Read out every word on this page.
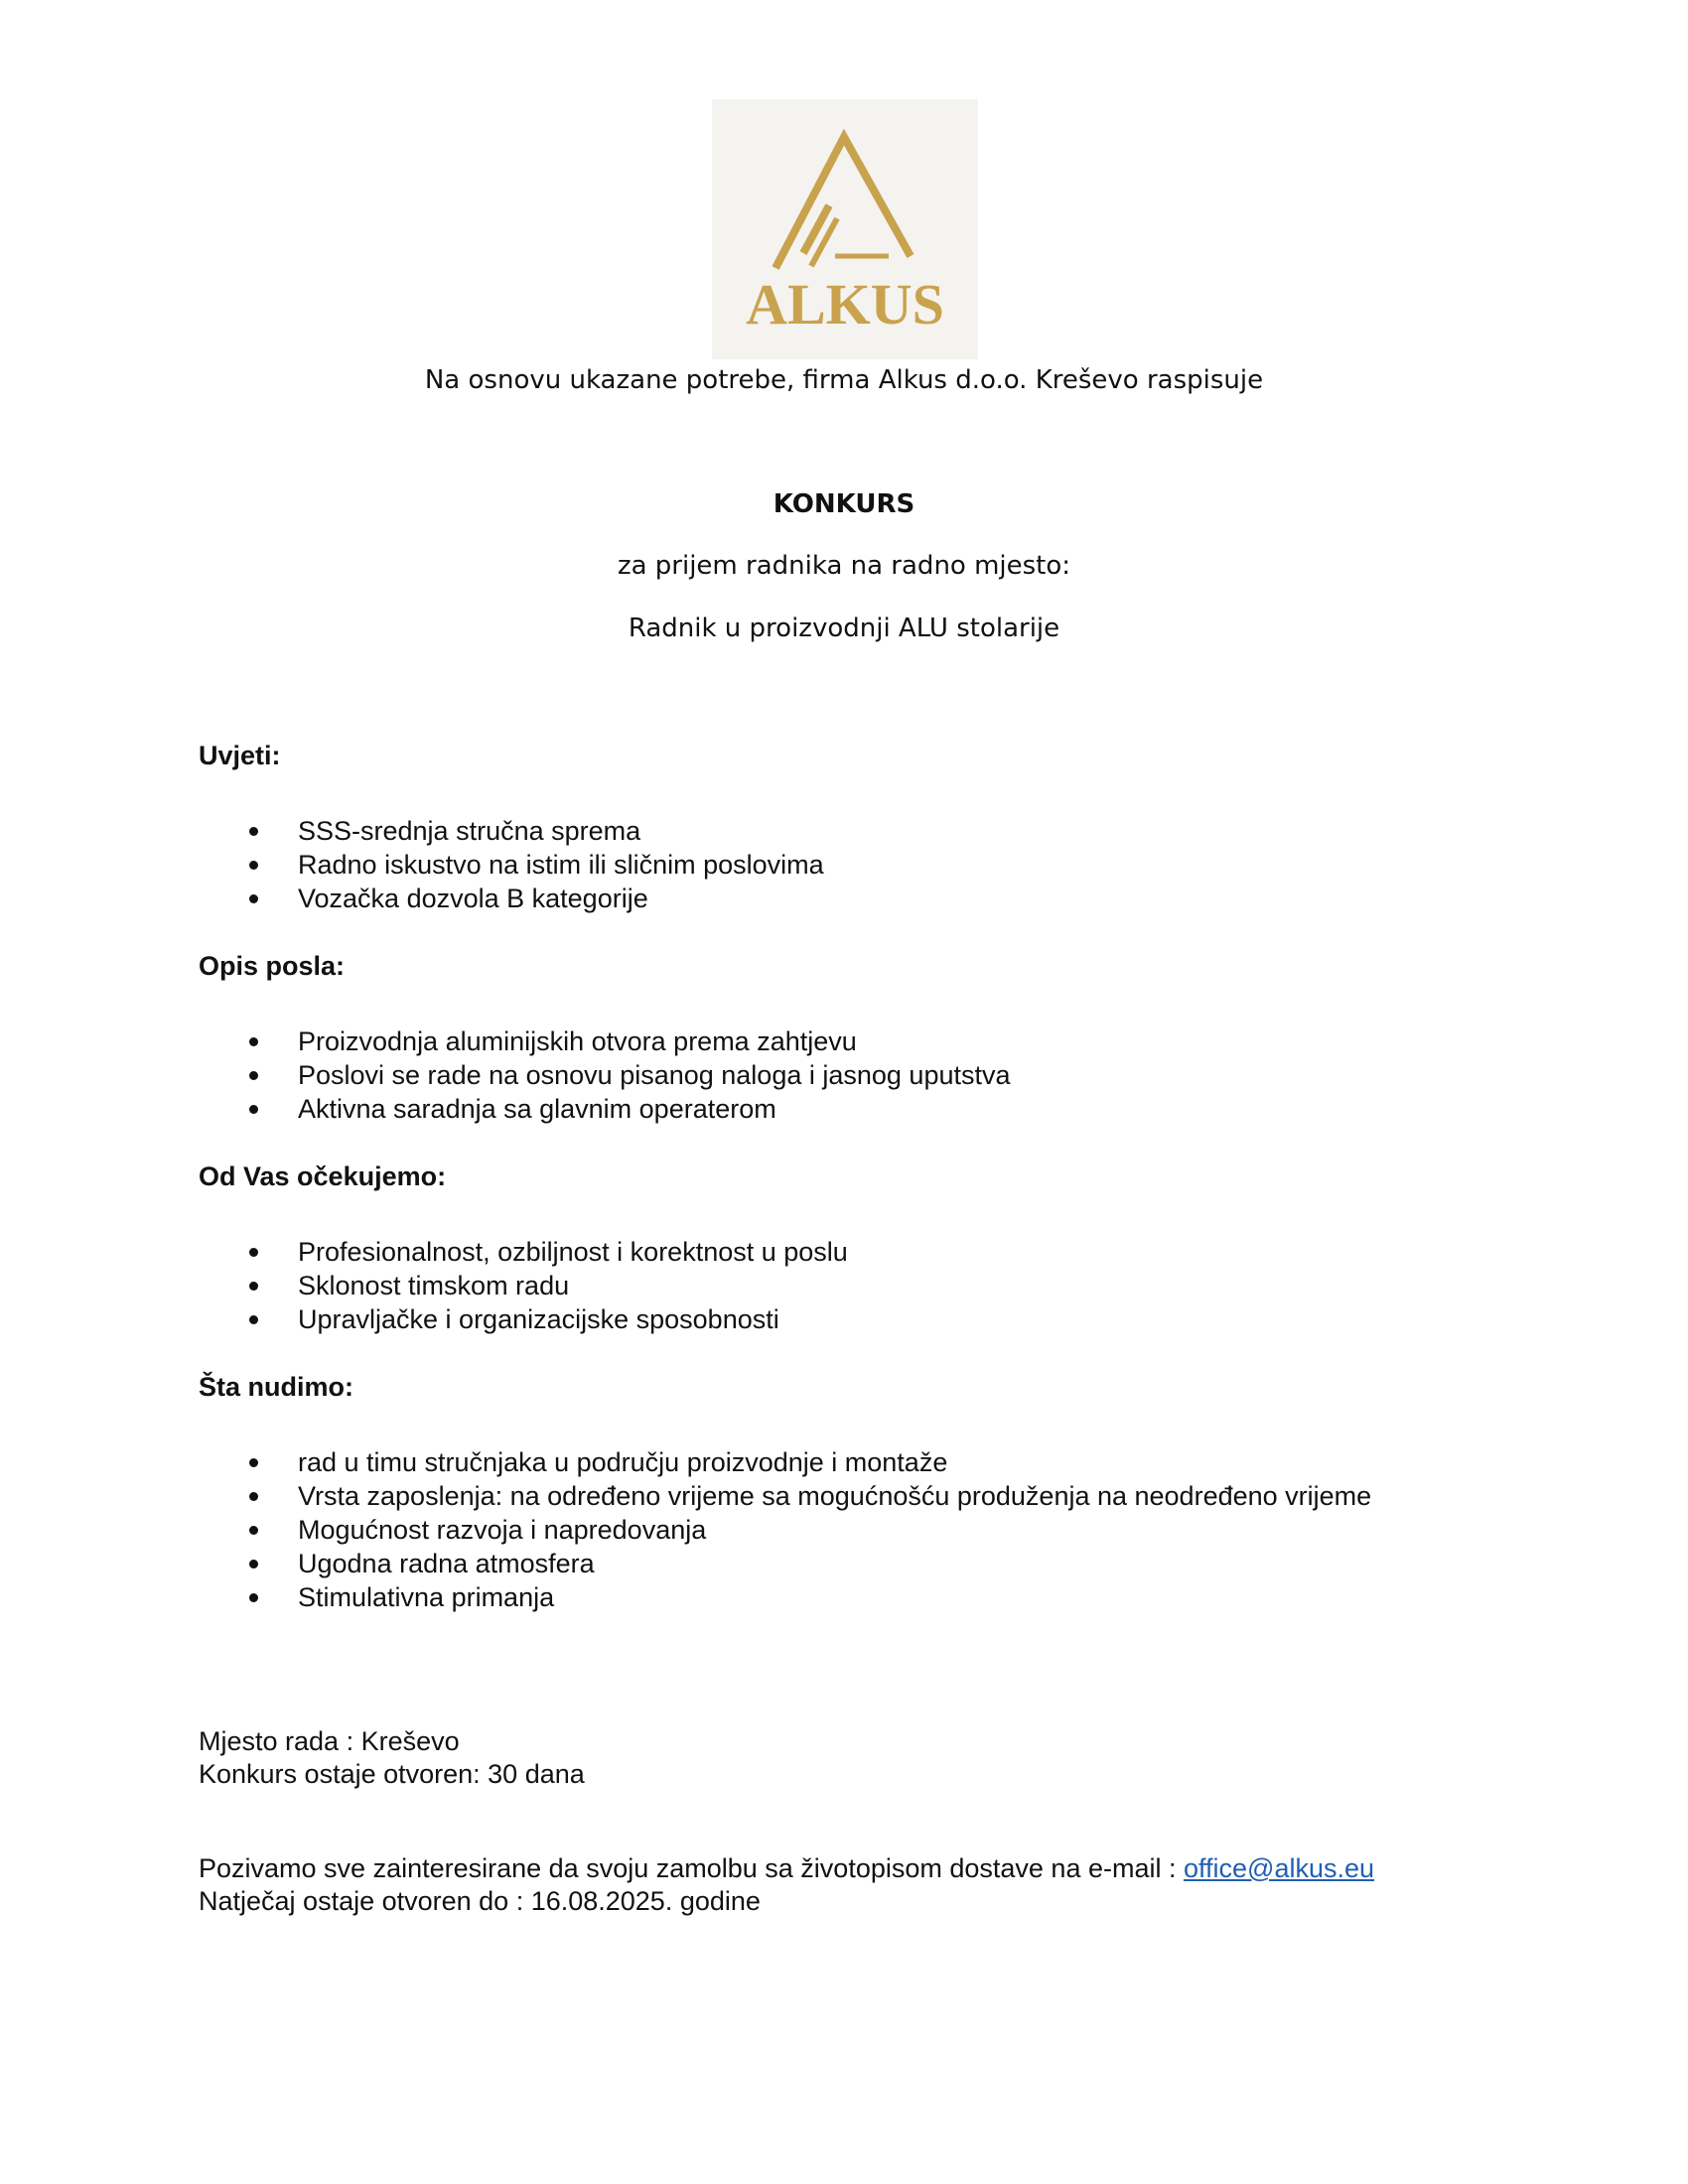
ALKUS

Na osnovu ukazane potrebe, firma Alkus d.o.o. Kreševo raspisuje

KONKURS

za prijem radnika na radno mjesto:

Radnik u proizvodnji ALU stolarije

Uvjeti:
SSS-srednja stručna sprema
Radno iskustvo na istim ili sličnim poslovima
Vozačka dozvola B kategorije
Opis posla:
Proizvodnja aluminijskih otvora prema zahtjevu
Poslovi se rade na osnovu pisanog naloga i jasnog uputstva
Aktivna saradnja sa glavnim operaterom
Od Vas očekujemo:
Profesionalnost, ozbiljnost i korektnost u poslu
Sklonost timskom radu
Upravljačke i organizacijske sposobnosti
Šta nudimo:
rad u timu stručnjaka u području proizvodnje i montaže
Vrsta zaposlenja: na određeno vrijeme sa mogućnošću produženja na neodređeno vrijeme
Mogućnost razvoja i napredovanja
Ugodna radna atmosfera
Stimulativna primanja

Mjesto rada : Kreševo

Konkurs ostaje otvoren: 30 dana

Pozivamo sve zainteresirane da svoju zamolbu sa životopisom dostave na e-mail : office@alkus.eu

Natječaj ostaje otvoren do : 16.08.2025. godine
